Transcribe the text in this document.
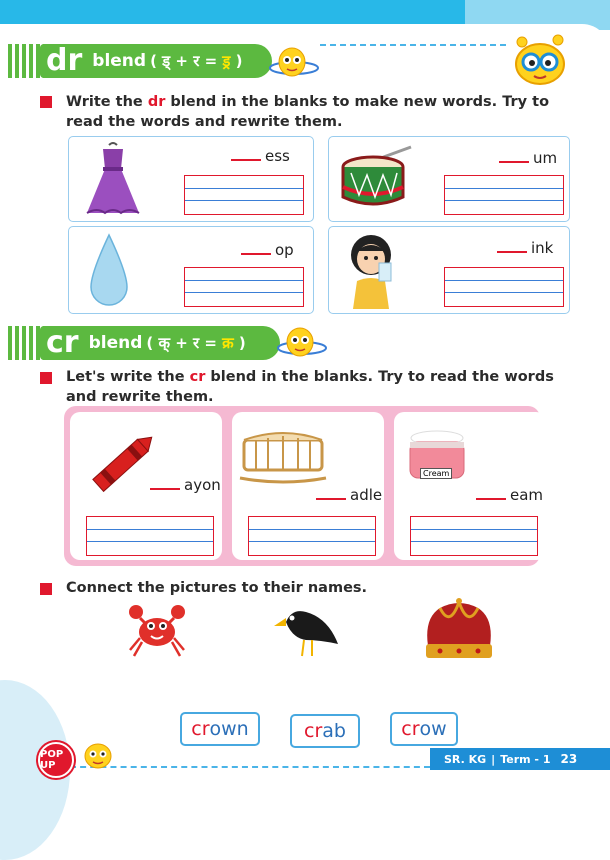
dr blend ( ड् + र = ड्र )
Write the dr blend in the blanks to make new words. Try to read the words and rewrite them.
ess	um
op	ink
cr blend ( क् + र = क्र )
Let's write the cr blend in the blanks. Try to read the words and rewrite them.
ayon
adle
Cream
eam
Connect the pictures to their names.
cr own	cr ab	cr ow
POP UP	SR. KG | Term - 1 23
